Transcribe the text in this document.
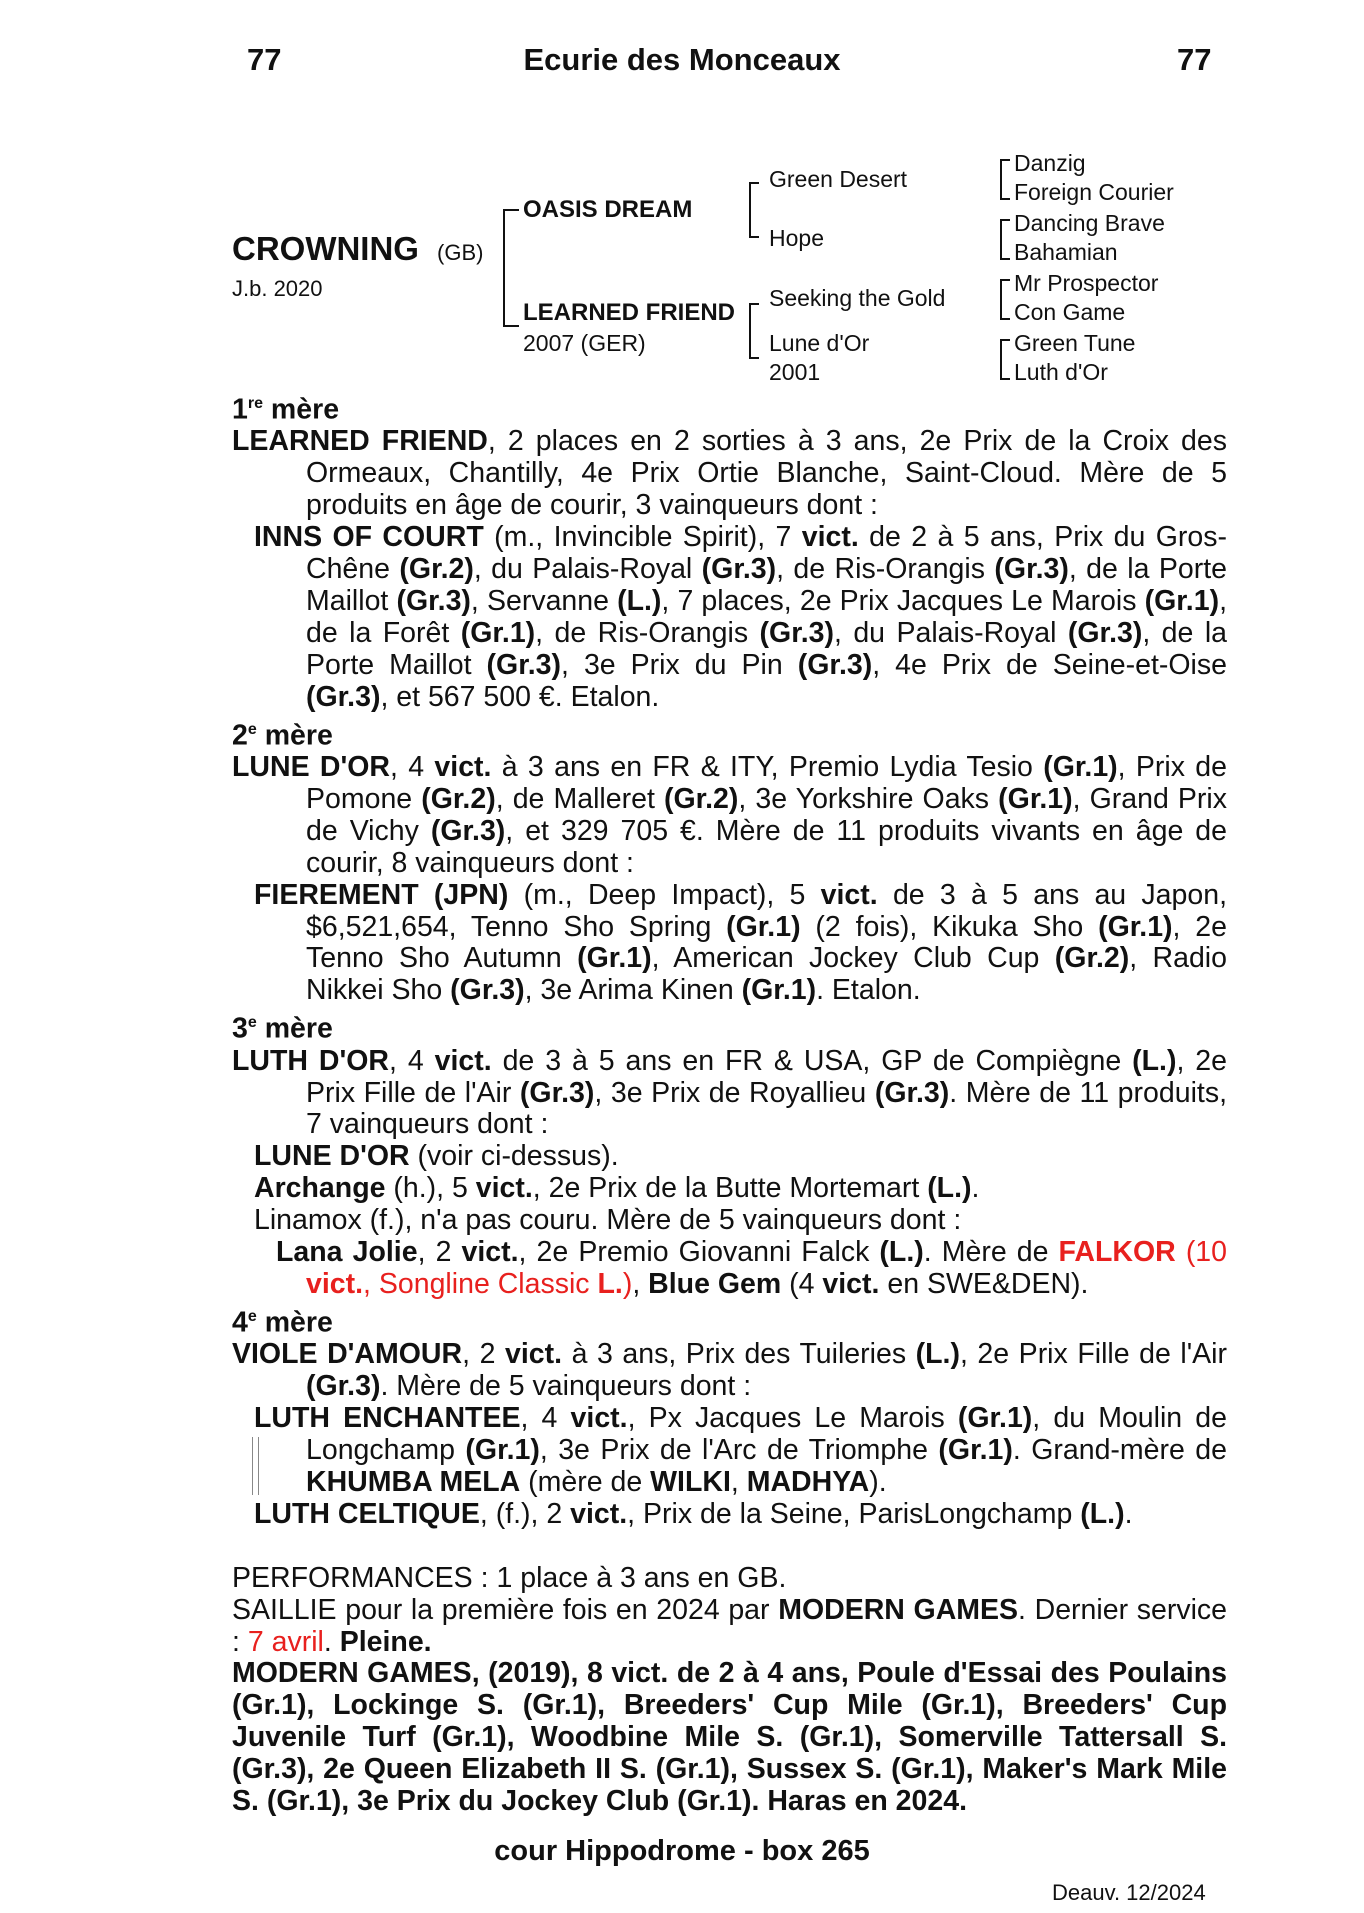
77	Ecurie des Monceaux	77
CROWNING (GB)
J.b. 2020
OASIS DREAM
LEARNED FRIEND
2007 (GER)
Green Desert
Hope
Seeking the Gold
Lune d'Or
2001
Danzig
Foreign Courier
Dancing Brave
Bahamian
Mr Prospector
Con Game
Green Tune
Luth d'Or
1re mère
LEARNED FRIEND, 2 places en 2 sorties à 3 ans, 2e Prix de la Croix des Ormeaux, Chantilly, 4e Prix Ortie Blanche, Saint-Cloud. Mère de 5 produits en âge de courir, 3 vainqueurs dont :
INNS OF COURT (m., Invincible Spirit), 7 vict. de 2 à 5 ans, Prix du Gros-Chêne (Gr.2), du Palais-Royal (Gr.3), de Ris-Orangis (Gr.3), de la Porte Maillot (Gr.3), Servanne (L.), 7 places, 2e Prix Jacques Le Marois (Gr.1), de la Forêt (Gr.1), de Ris-Orangis (Gr.3), du Palais-Royal (Gr.3), de la Porte Maillot (Gr.3), 3e Prix du Pin (Gr.3), 4e Prix de Seine-et-Oise (Gr.3), et 567 500 €. Etalon.
2e mère
LUNE D'OR, 4 vict. à 3 ans en FR & ITY, Premio Lydia Tesio (Gr.1), Prix de Pomone (Gr.2), de Malleret (Gr.2), 3e Yorkshire Oaks (Gr.1), Grand Prix de Vichy (Gr.3), et 329 705 €. Mère de 11 produits vivants en âge de courir, 8 vainqueurs dont :
FIEREMENT (JPN) (m., Deep Impact), 5 vict. de 3 à 5 ans au Japon, $6,521,654, Tenno Sho Spring (Gr.1) (2 fois), Kikuka Sho (Gr.1), 2e Tenno Sho Autumn (Gr.1), American Jockey Club Cup (Gr.2), Radio Nikkei Sho (Gr.3), 3e Arima Kinen (Gr.1). Etalon.
3e mère
LUTH D'OR, 4 vict. de 3 à 5 ans en FR & USA, GP de Compiègne (L.), 2e Prix Fille de l'Air (Gr.3), 3e Prix de Royallieu (Gr.3). Mère de 11 produits, 7 vainqueurs dont :
LUNE D'OR (voir ci-dessus).
Archange (h.), 5 vict., 2e Prix de la Butte Mortemart (L.).
Linamox (f.), n'a pas couru. Mère de 5 vainqueurs dont :
Lana Jolie, 2 vict., 2e Premio Giovanni Falck (L.). Mère de FALKOR (10 vict., Songline Classic L.), Blue Gem (4 vict. en SWE&DEN).
4e mère
VIOLE D'AMOUR, 2 vict. à 3 ans, Prix des Tuileries (L.), 2e Prix Fille de l'Air (Gr.3). Mère de 5 vainqueurs dont :
LUTH ENCHANTEE, 4 vict., Px Jacques Le Marois (Gr.1), du Moulin de Longchamp (Gr.1), 3e Prix de l'Arc de Triomphe (Gr.1). Grand-mère de KHUMBA MELA (mère de WILKI, MADHYA).
LUTH CELTIQUE, (f.), 2 vict., Prix de la Seine, ParisLongchamp (L.).
PERFORMANCES : 1 place à 3 ans en GB.
SAILLIE pour la première fois en 2024 par MODERN GAMES. Dernier service : 7 avril. Pleine.
MODERN GAMES, (2019), 8 vict. de 2 à 4 ans, Poule d'Essai des Poulains (Gr.1), Lockinge S. (Gr.1), Breeders' Cup Mile (Gr.1), Breeders' Cup Juvenile Turf (Gr.1), Woodbine Mile S. (Gr.1), Somerville Tattersall S. (Gr.3), 2e Queen Elizabeth II S. (Gr.1), Sussex S. (Gr.1), Maker's Mark Mile S. (Gr.1), 3e Prix du Jockey Club (Gr.1). Haras en 2024.
cour Hippodrome - box 265
Deauv. 12/2024
